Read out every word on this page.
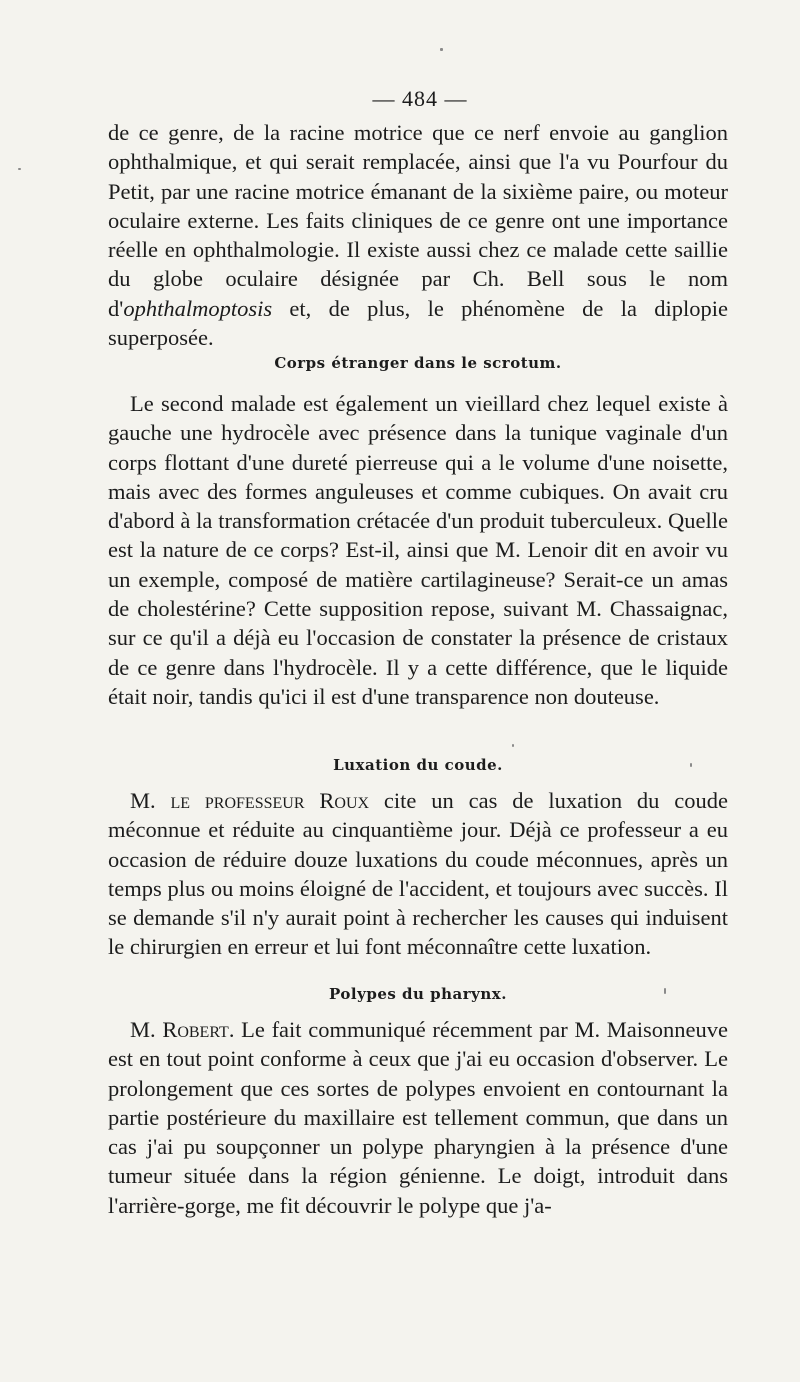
— 484 —

de ce genre, de la racine motrice que ce nerf envoie au ganglion ophthalmique, et qui serait remplacée, ainsi que l'a vu Pourfour du Petit, par une racine motrice émanant de la sixième paire, ou moteur oculaire externe. Les faits cliniques de ce genre ont une importance réelle en ophthalmologie. Il existe aussi chez ce malade cette saillie du globe oculaire désignée par Ch. Bell sous le nom d'ophthalmoptosis et, de plus, le phénomène de la diplopie superposée.

Corps étranger dans le scrotum.

Le second malade est également un vieillard chez lequel existe à gauche une hydrocèle avec présence dans la tunique vaginale d'un corps flottant d'une dureté pierreuse qui a le volume d'une noisette, mais avec des formes anguleuses et comme cubiques. On avait cru d'abord à la transformation crétacée d'un produit tuberculeux. Quelle est la nature de ce corps? Est-il, ainsi que M. Lenoir dit en avoir vu un exemple, composé de matière cartilagineuse? Serait-ce un amas de cholestérine? Cette supposition repose, suivant M. Chassaignac, sur ce qu'il a déjà eu l'occasion de constater la présence de cristaux de ce genre dans l'hydrocèle. Il y a cette différence, que le liquide était noir, tandis qu'ici il est d'une transparence non douteuse.

Luxation du coude.

M. le professeur Roux cite un cas de luxation du coude méconnue et réduite au cinquantième jour. Déjà ce professeur a eu occasion de réduire douze luxations du coude méconnues, après un temps plus ou moins éloigné de l'accident, et toujours avec succès. Il se demande s'il n'y aurait point à rechercher les causes qui induisent le chirurgien en erreur et lui font méconnaître cette luxation.

Polypes du pharynx.

M. Robert. Le fait communiqué récemment par M. Maisonneuve est en tout point conforme à ceux que j'ai eu occasion d'observer. Le prolongement que ces sortes de polypes envoient en contournant la partie postérieure du maxillaire est tellement commun, que dans un cas j'ai pu soupçonner un polype pharyngien à la présence d'une tumeur située dans la région génienne. Le doigt, introduit dans l'arrière-gorge, me fit découvrir le polype que j'a-
